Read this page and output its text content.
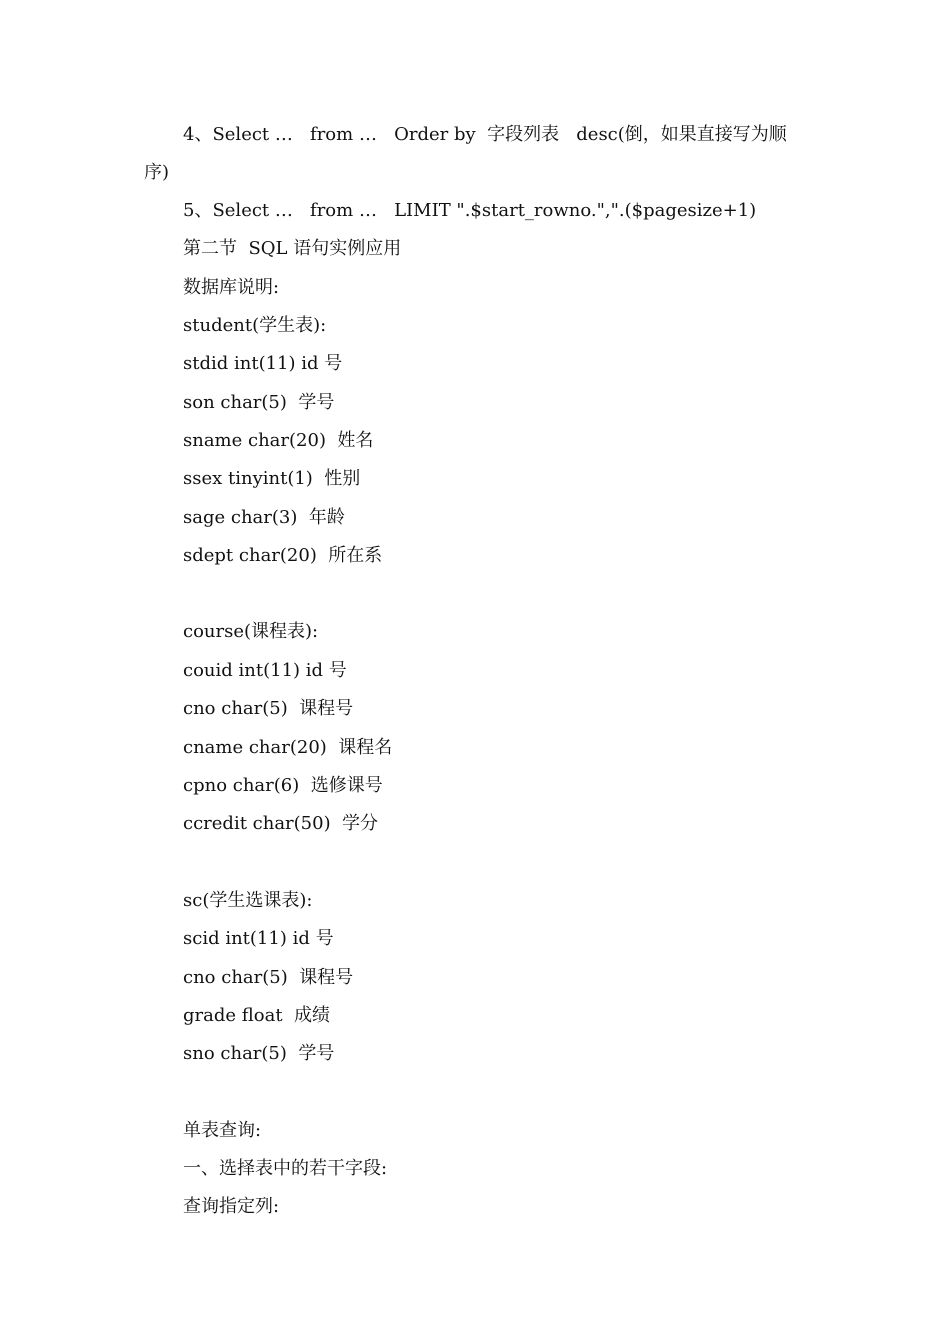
4、Select …   from …   Order by  字段列表   desc(倒，如果直接写为顺
序)
5、Select …   from …   LIMIT ".$start_rowno.",".($pagesize+1)
第二节  SQL 语句实例应用
数据库说明:
student(学生表):
stdid int(11) id 号
son char(5)  学号
sname char(20)  姓名
ssex tinyint(1)  性别
sage char(3)  年龄
sdept char(20)  所在系
course(课程表):
couid int(11) id 号
cno char(5)  课程号
cname char(20)  课程名
cpno char(6)  选修课号
ccredit char(50)  学分
sc(学生选课表):
scid int(11) id 号
cno char(5)  课程号
grade float  成绩
sno char(5)  学号
单表查询:
一、选择表中的若干字段:
查询指定列:
